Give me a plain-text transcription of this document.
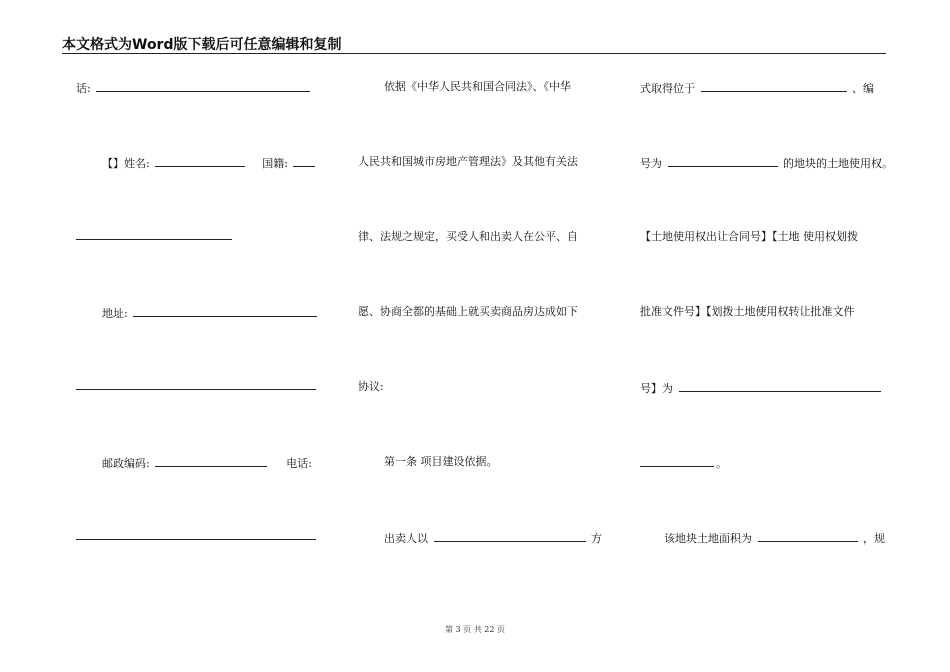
本文格式为Word版下载后可任意编辑和复制
话:
【】姓名:	国籍:
地址:
邮政编码:	电话:
依据《中华人民共和国合同法》、《中华
人民共和国城市房地产管理法》及其他有关法
律、法规之规定，买受人和出卖人在公平、自
愿、协商全都的基础上就买卖商品房达成如下
协议:
第一条 项目建设依据。
出卖人以	方
式取得位于	、编
号为	的地块的土地使用权。
【土地使用权出让合同号】【土地 使用权划拨
批准文件号】【划拨土地使用权转让批准文件
号】为
。
该地块土地面积为	，规
第 3 页 共 22 页
